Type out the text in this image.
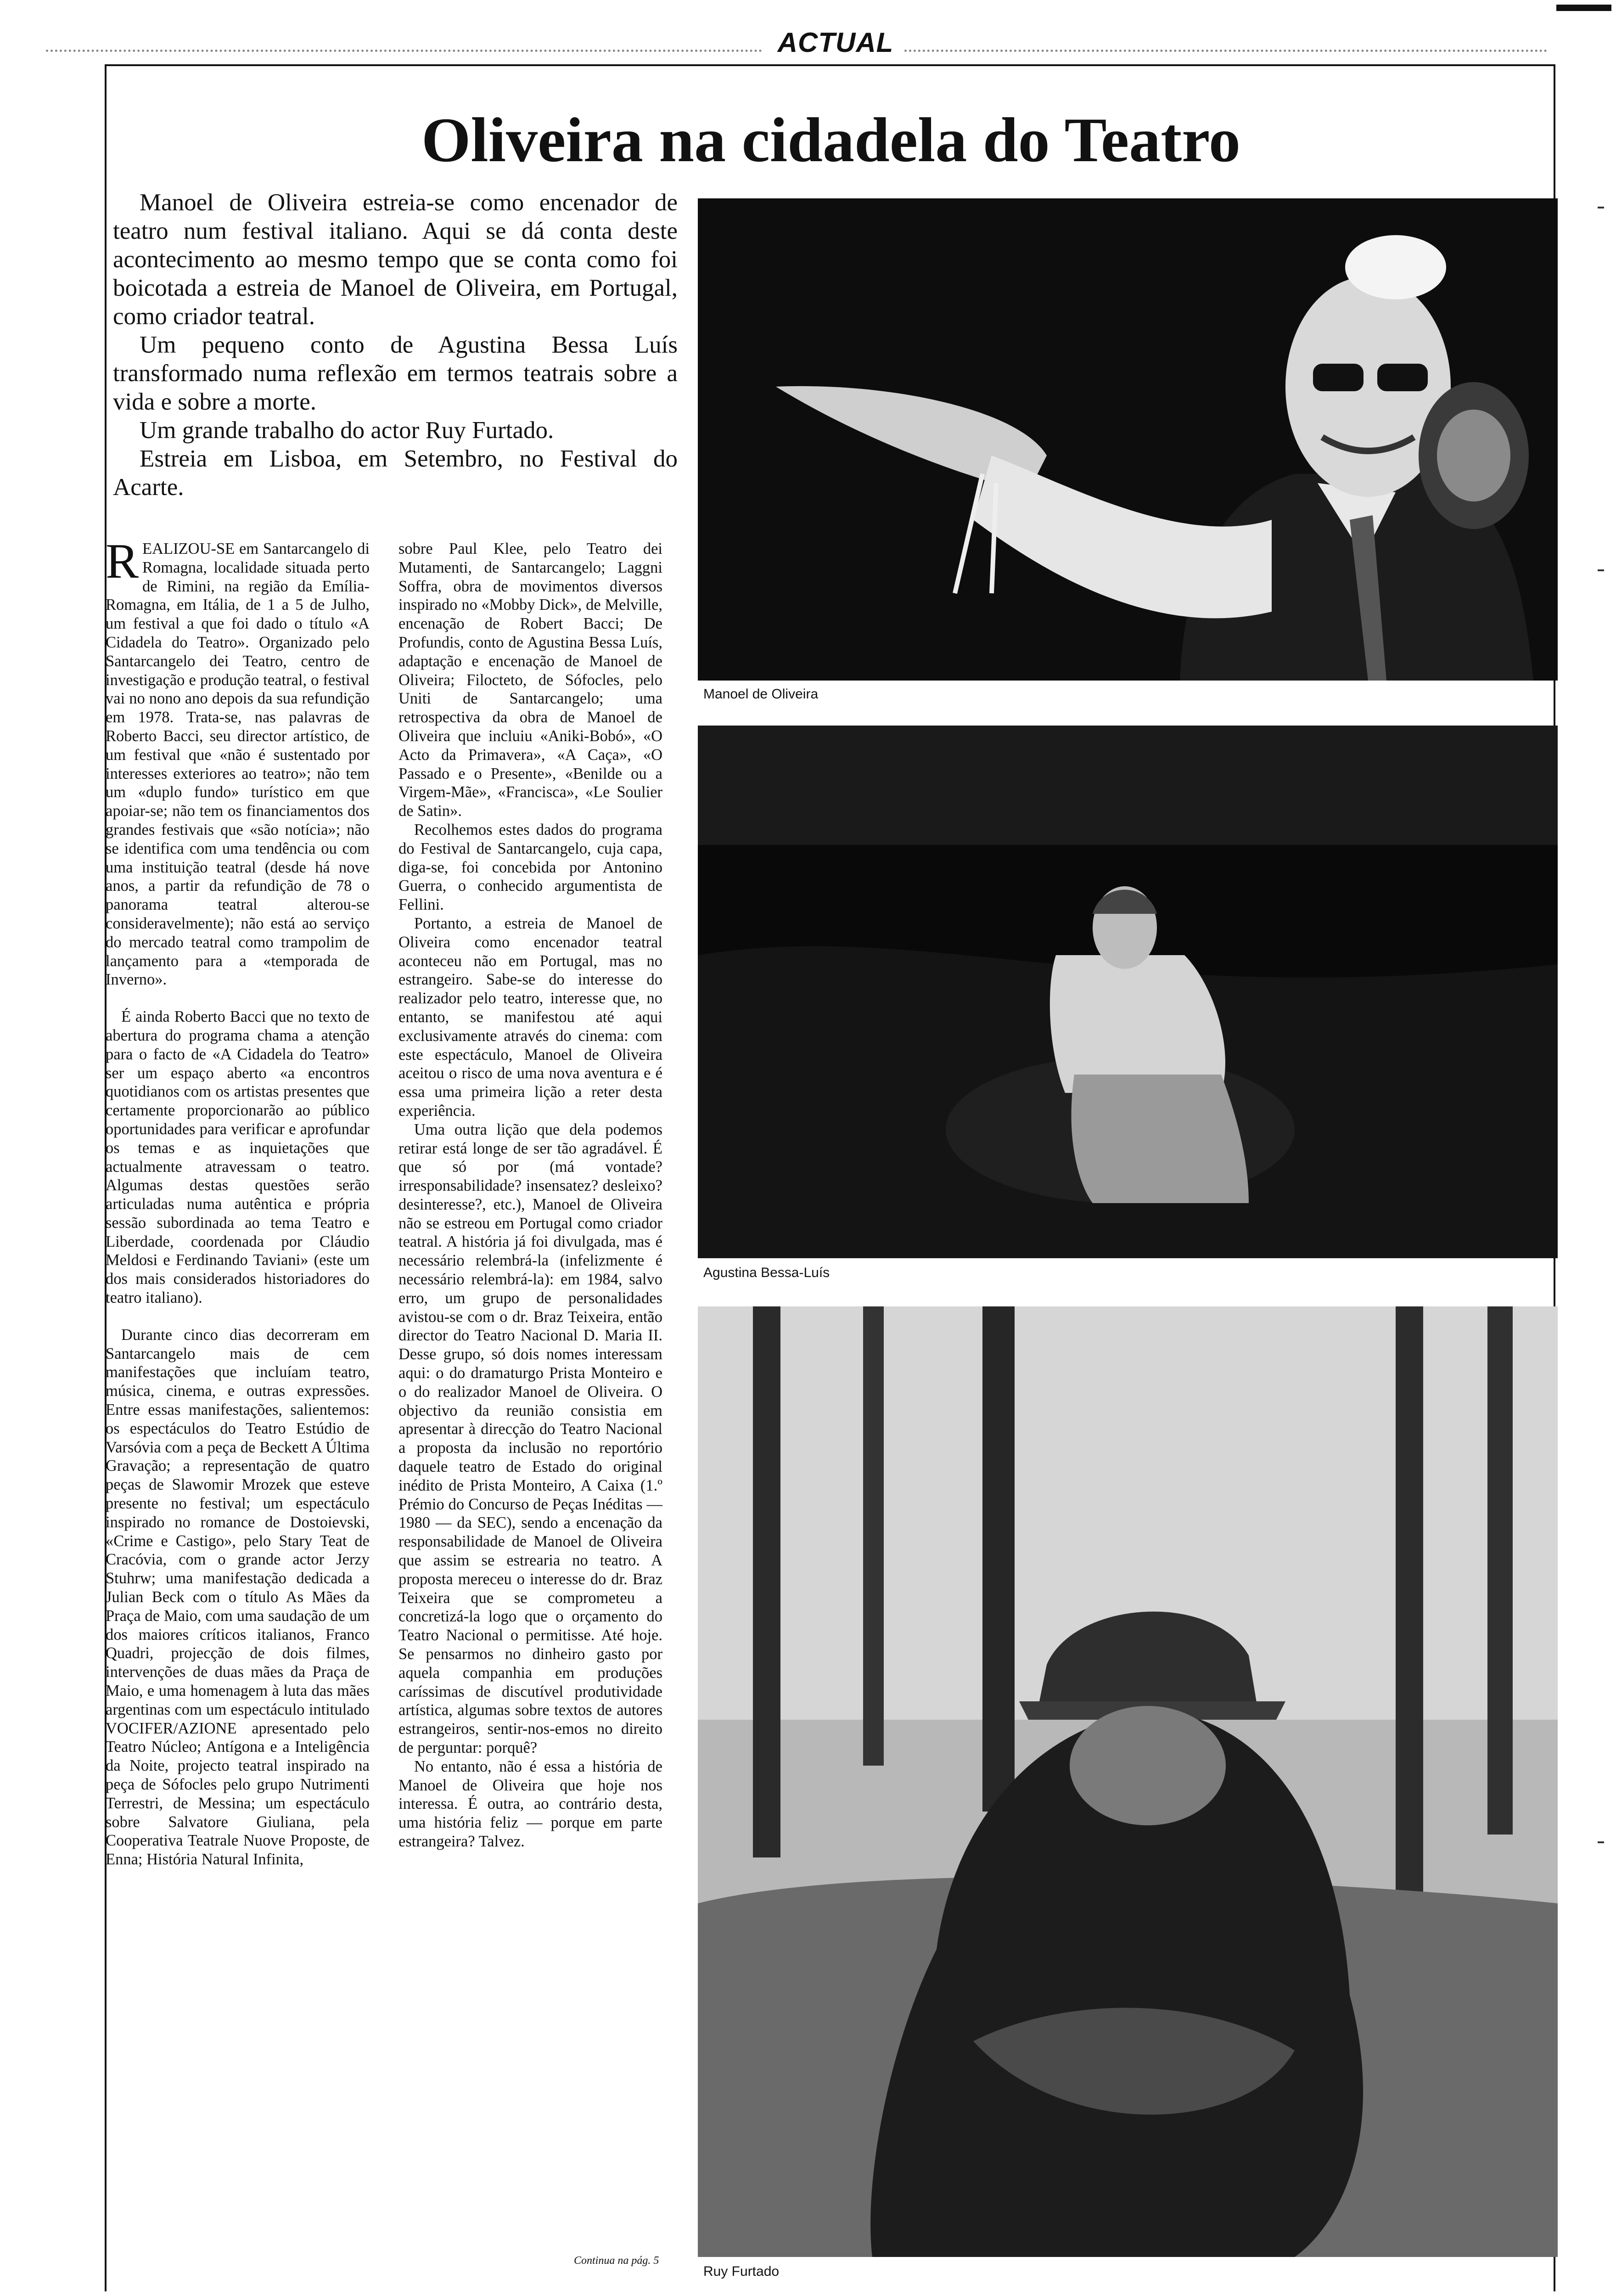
ACTUAL
Oliveira na cidadela do Teatro

Manoel de Oliveira estreia-se como encenador de teatro num festival italiano. Aqui se dá conta deste acontecimento ao mesmo tempo que se conta como foi boicotada a estreia de Manoel de Oliveira, em Portugal, como criador teatral.

Um pequeno conto de Agustina Bessa Luís transformado numa reflexão em termos teatrais sobre a vida e sobre a morte.

Um grande trabalho do actor Ruy Furtado.

Estreia em Lisboa, em Setembro, no Festival do Acarte.

REALIZOU-SE em Santarcangelo di Romagna, localidade situada perto de Rimini, na região da Emília-Romagna, em Itália, de 1 a 5 de Julho, um festival a que foi dado o título «A Cidadela do Teatro». Organizado pelo Santarcangelo dei Teatro, centro de investigação e produção teatral, o festival vai no nono ano depois da sua refundição em 1978. Trata-se, nas palavras de Roberto Bacci, seu director artístico, de um festival que «não é sustentado por interesses exteriores ao teatro»; não tem um «duplo fundo» turístico em que apoiar-se; não tem os financiamentos dos grandes festivais que «são notícia»; não se identifica com uma tendência ou com uma instituição teatral (desde há nove anos, a partir da refundição de 78 o panorama teatral alterou-se consideravelmente); não está ao serviço do mercado teatral como trampolim de lançamento para a «temporada de Inverno».

É ainda Roberto Bacci que no texto de abertura do programa chama a atenção para o facto de «A Cidadela do Teatro» ser um espaço aberto «a encontros quotidianos com os artistas presentes que certamente proporcionarão ao público oportunidades para verificar e aprofundar os temas e as inquietações que actualmente atravessam o teatro. Algumas destas questões serão articuladas numa autêntica e própria sessão subordinada ao tema Teatro e Liberdade, coordenada por Cláudio Meldosi e Ferdinando Taviani» (este um dos mais considerados historiadores do teatro italiano).

Durante cinco dias decorreram em Santarcangelo mais de cem manifestações que incluíam teatro, música, cinema, e outras expressões. Entre essas manifestações, salientemos: os espectáculos do Teatro Estúdio de Varsóvia com a peça de Beckett A Última Gravação; a representação de quatro peças de Slawomir Mrozek que esteve presente no festival; um espectáculo inspirado no romance de Dostoievski, «Crime e Castigo», pelo Stary Teat de Cracóvia, com o grande actor Jerzy Stuhrw; uma manifestação dedicada a Julian Beck com o título As Mães da Praça de Maio, com uma saudação de um dos maiores críticos italianos, Franco Quadri, projecção de dois filmes, intervenções de duas mães da Praça de Maio, e uma homenagem à luta das mães argentinas com um espectáculo intitulado VOCIFER/AZIONE apresentado pelo Teatro Núcleo; Antígona e a Inteligência da Noite, projecto teatral inspirado na peça de Sófocles pelo grupo Nutrimenti Terrestri, de Messina; um espectáculo sobre Salvatore Giuliana, pela Cooperativa Teatrale Nuove Proposte, de Enna; História Natural Infinita,

sobre Paul Klee, pelo Teatro dei Mutamenti, de Santarcangelo; Laggni Soffra, obra de movimentos diversos inspirado no «Mobby Dick», de Melville, encenação de Robert Bacci; De Profundis, conto de Agustina Bessa Luís, adaptação e encenação de Manoel de Oliveira; Filocteto, de Sófocles, pelo Uniti de Santarcangelo; uma retrospectiva da obra de Manoel de Oliveira que incluiu «Aniki-Bobó», «O Acto da Primavera», «A Caça», «O Passado e o Presente», «Benilde ou a Virgem-Mãe», «Francisca», «Le Soulier de Satin».

Recolhemos estes dados do programa do Festival de Santarcangelo, cuja capa, diga-se, foi concebida por Antonino Guerra, o conhecido argumentista de Fellini.

Portanto, a estreia de Manoel de Oliveira como encenador teatral aconteceu não em Portugal, mas no estrangeiro. Sabe-se do interesse do realizador pelo teatro, interesse que, no entanto, se manifestou até aqui exclusivamente através do cinema: com este espectáculo, Manoel de Oliveira aceitou o risco de uma nova aventura e é essa uma primeira lição a reter desta experiência.

Uma outra lição que dela podemos retirar está longe de ser tão agradável. É que só por (má vontade? irresponsabilidade? insensatez? desleixo? desinteresse?, etc.), Manoel de Oliveira não se estreou em Portugal como criador teatral. A história já foi divulgada, mas é necessário relembrá-la (infelizmente é necessário relembrá-la): em 1984, salvo erro, um grupo de personalidades avistou-se com o dr. Braz Teixeira, então director do Teatro Nacional D. Maria II. Desse grupo, só dois nomes interessam aqui: o do dramaturgo Prista Monteiro e o do realizador Manoel de Oliveira. O objectivo da reunião consistia em apresentar à direcção do Teatro Nacional a proposta da inclusão no reportório daquele teatro de Estado do original inédito de Prista Monteiro, A Caixa (1.º Prémio do Concurso de Peças Inéditas — 1980 — da SEC), sendo a encenação da responsabilidade de Manoel de Oliveira que assim se estrearia no teatro. A proposta mereceu o interesse do dr. Braz Teixeira que se comprometeu a concretizá-la logo que o orçamento do Teatro Nacional o permitisse. Até hoje. Se pensarmos no dinheiro gasto por aquela companhia em produções caríssimas de discutível produtividade artística, algumas sobre textos de autores estrangeiros, sentir-nos-emos no direito de perguntar: porquê?

No entanto, não é essa a história de Manoel de Oliveira que hoje nos interessa. É outra, ao contrário desta, uma história feliz — porque em parte estrangeira? Talvez.

Continua na pág. 5
Manoel de Oliveira
Agustina Bessa-Luís
Ruy Furtado
